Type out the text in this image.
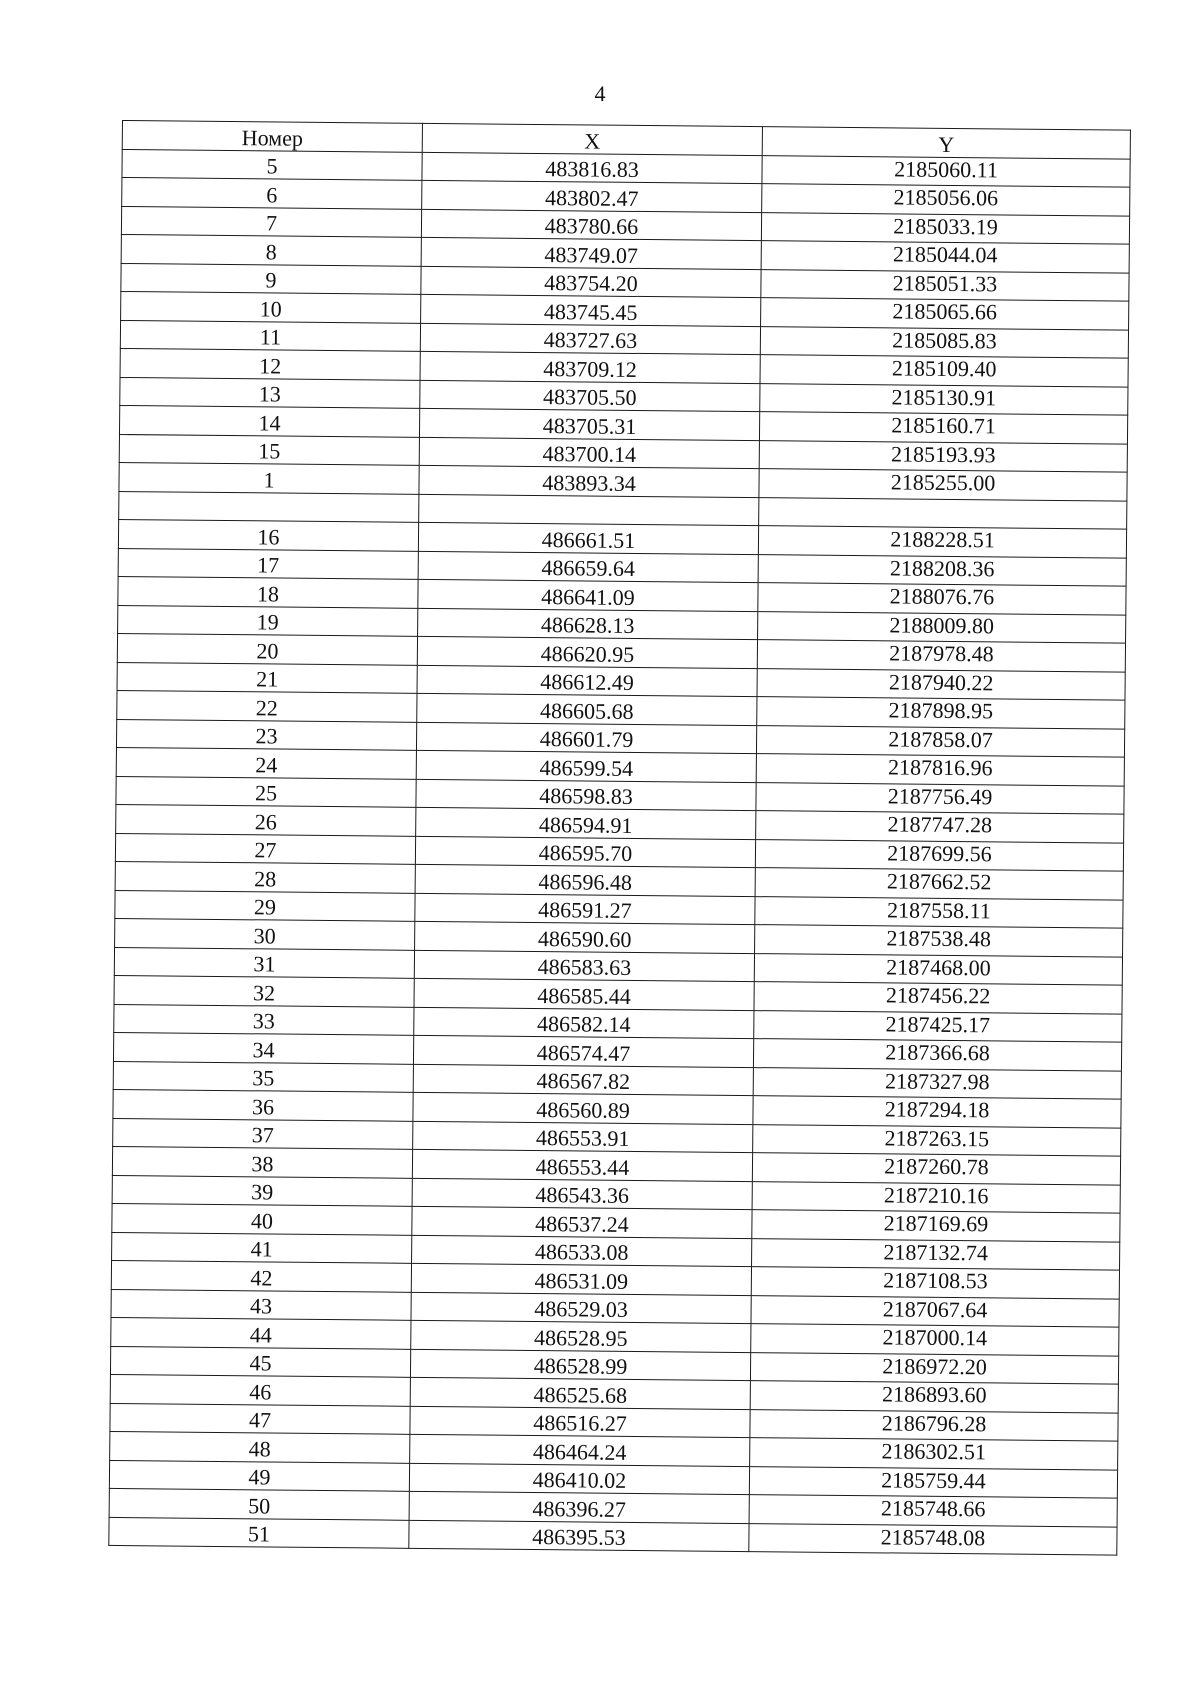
4
Номер	X	Y
5	483816.83	2185060.11
6	483802.47	2185056.06
7	483780.66	2185033.19
8	483749.07	2185044.04
9	483754.20	2185051.33
10	483745.45	2185065.66
11	483727.63	2185085.83
12	483709.12	2185109.40
13	483705.50	2185130.91
14	483705.31	2185160.71
15	483700.14	2185193.93
1	483893.34	2185255.00

16	486661.51	2188228.51
17	486659.64	2188208.36
18	486641.09	2188076.76
19	486628.13	2188009.80
20	486620.95	2187978.48
21	486612.49	2187940.22
22	486605.68	2187898.95
23	486601.79	2187858.07
24	486599.54	2187816.96
25	486598.83	2187756.49
26	486594.91	2187747.28
27	486595.70	2187699.56
28	486596.48	2187662.52
29	486591.27	2187558.11
30	486590.60	2187538.48
31	486583.63	2187468.00
32	486585.44	2187456.22
33	486582.14	2187425.17
34	486574.47	2187366.68
35	486567.82	2187327.98
36	486560.89	2187294.18
37	486553.91	2187263.15
38	486553.44	2187260.78
39	486543.36	2187210.16
40	486537.24	2187169.69
41	486533.08	2187132.74
42	486531.09	2187108.53
43	486529.03	2187067.64
44	486528.95	2187000.14
45	486528.99	2186972.20
46	486525.68	2186893.60
47	486516.27	2186796.28
48	486464.24	2186302.51
49	486410.02	2185759.44
50	486396.27	2185748.66
51	486395.53	2185748.08
